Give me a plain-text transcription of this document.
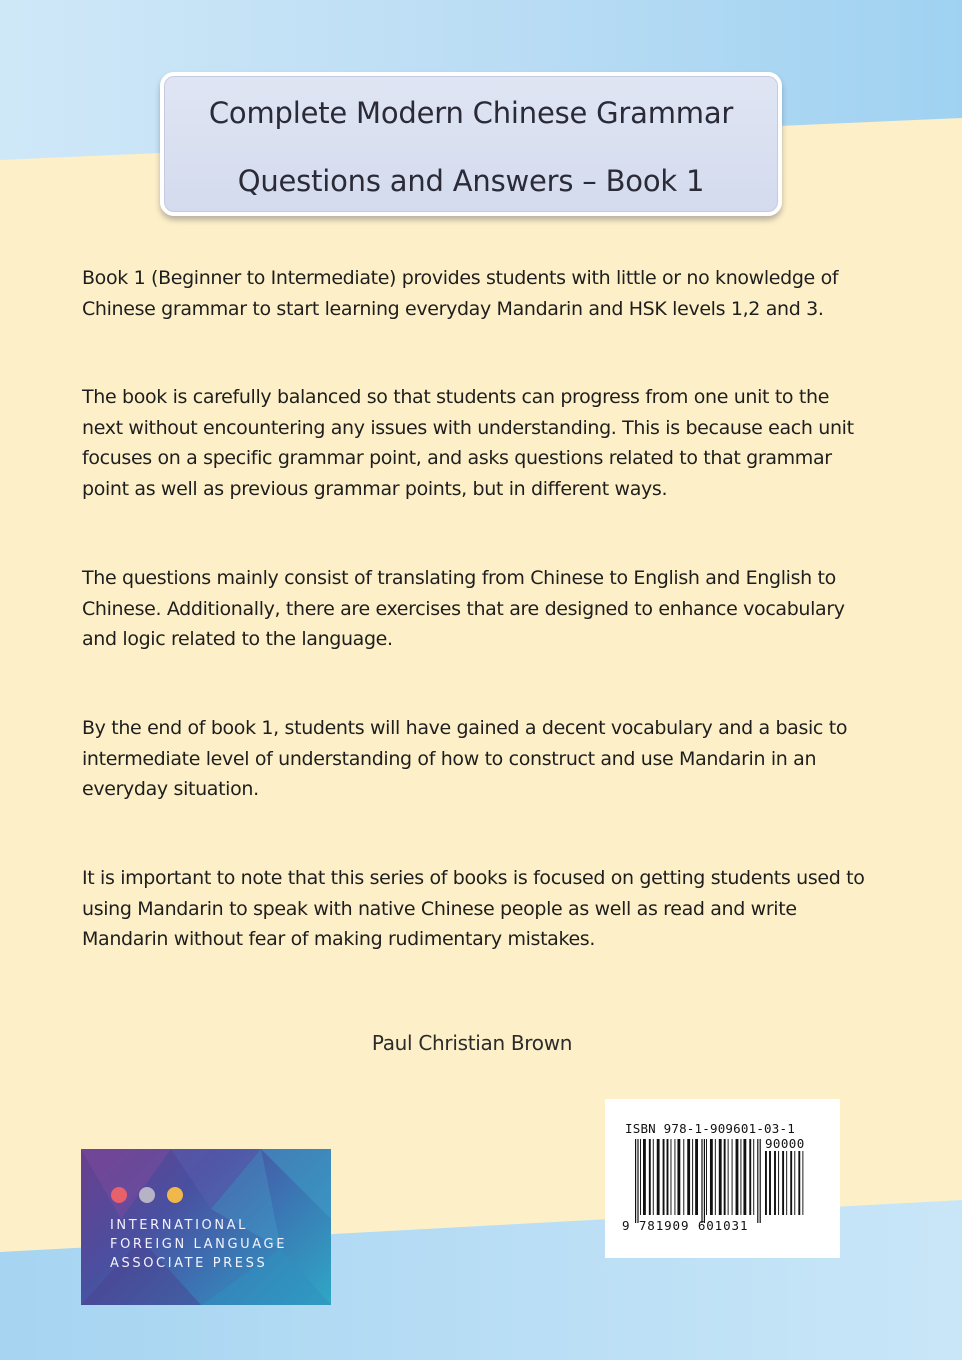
Complete Modern Chinese Grammar
Questions and Answers – Book 1
Book 1 (Beginner to Intermediate) provides students with little or no knowledge of
Chinese grammar to start learning everyday Mandarin and HSK levels 1,2 and 3.
The book is carefully balanced so that students can progress from one unit to the
next without encountering any issues with understanding. This is because each unit
focuses on a specific grammar point, and asks questions related to that grammar
point as well as previous grammar points, but in different ways.
The questions mainly consist of translating from Chinese to English and English to
Chinese. Additionally, there are exercises that are designed to enhance vocabulary
and logic related to the language.
By the end of book 1, students will have gained a decent vocabulary and a basic to
intermediate level of understanding of how to construct and use Mandarin in an
everyday situation.
It is important to note that this series of books is focused on getting students used to
using Mandarin to speak with native Chinese people as well as read and write
Mandarin without fear of making rudimentary mistakes.
Paul Christian Brown
INTERNATIONAL
FOREIGN LANGUAGE
ASSOCIATE PRESS
ISBN 978-1-909601-03-1
90000
9 781909 601031
